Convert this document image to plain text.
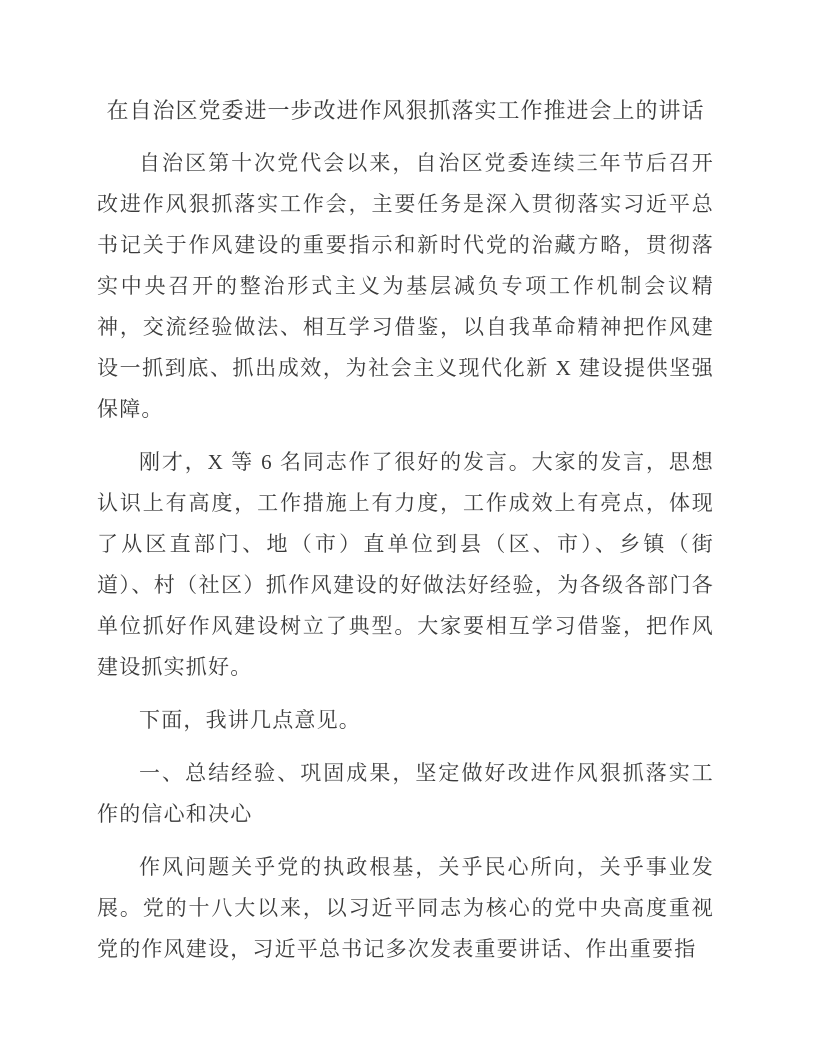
在自治区党委进一步改进作风狠抓落实工作推进会上的讲话

自治区第十次党代会以来，自治区党委连续三年节后召开改进作风狠抓落实工作会，主要任务是深入贯彻落实习近平总书记关于作风建设的重要指示和新时代党的治藏方略，贯彻落实中央召开的整治形式主义为基层减负专项工作机制会议精神，交流经验做法、相互学习借鉴，以自我革命精神把作风建设一抓到底、抓出成效，为社会主义现代化新 X 建设提供坚强保障。

刚才，X 等 6 名同志作了很好的发言。大家的发言，思想认识上有高度，工作措施上有力度，工作成效上有亮点，体现了从区直部门、地（市）直单位到县（区、市）、乡镇（街道）、村（社区）抓作风建设的好做法好经验，为各级各部门各单位抓好作风建设树立了典型。大家要相互学习借鉴，把作风建设抓实抓好。

下面，我讲几点意见。

一、总结经验、巩固成果，坚定做好改进作风狠抓落实工作的信心和决心

作风问题关乎党的执政根基，关乎民心所向，关乎事业发展。党的十八大以来，以习近平同志为核心的党中央高度重视党的作风建设，习近平总书记多次发表重要讲话、作出重要指
